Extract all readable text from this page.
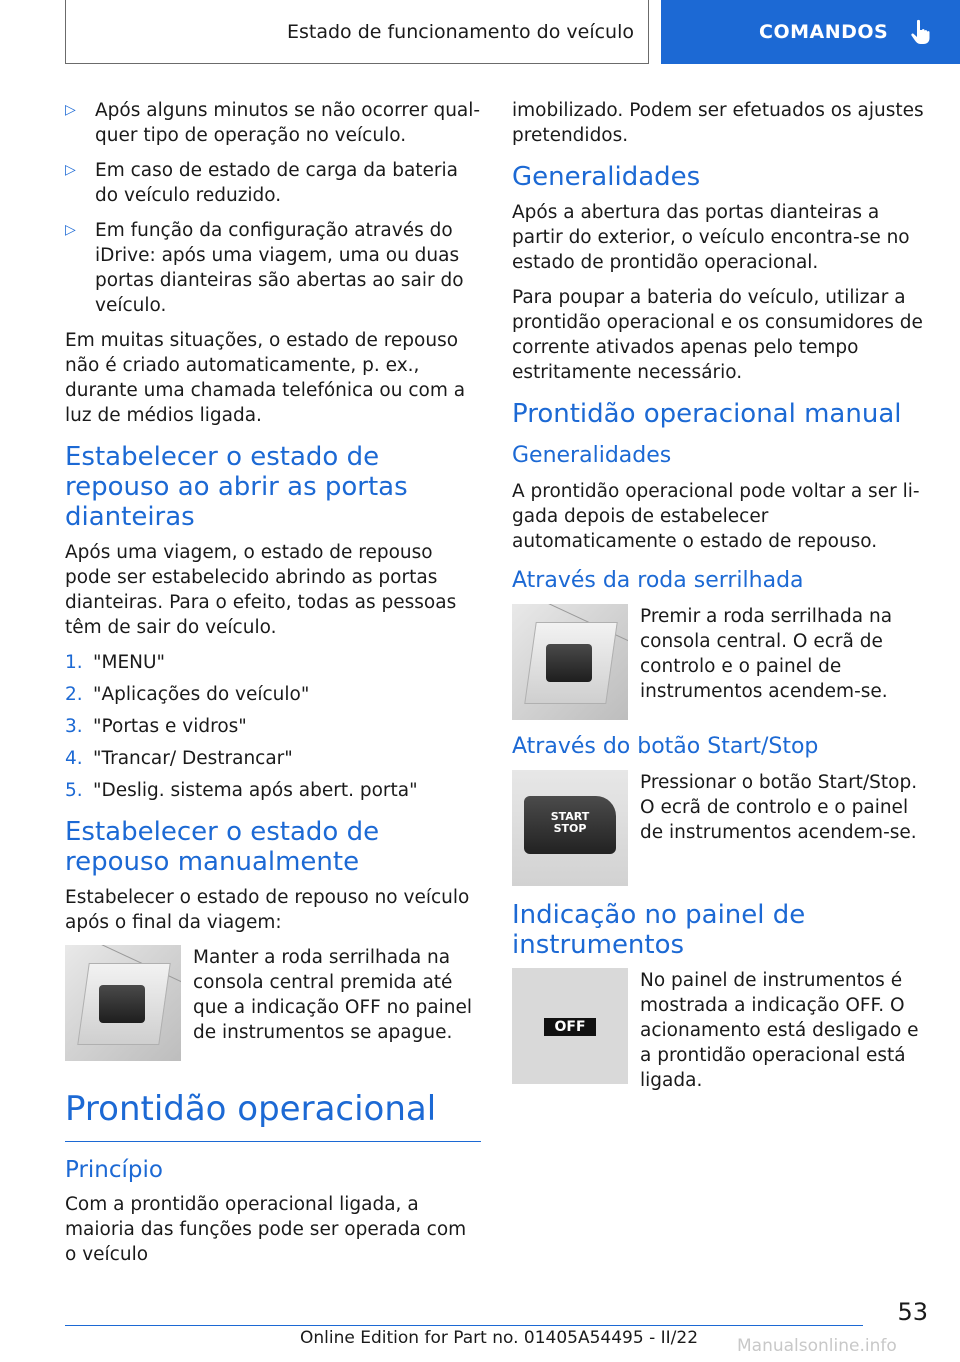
Estado de funcionamento do veículo	COMANDOS
▷ Após alguns minutos se não ocorrer qualquer tipo de operação no veículo.
▷ Em caso de estado de carga da bateria do veículo reduzido.
▷ Em função da configuração através do iDrive: após uma viagem, uma ou duas portas dianteiras são abertas ao sair do veículo.

Em muitas situações, o estado de repouso não é criado automaticamente, p. ex., durante uma chamada telefónica ou com a luz de médios ligada.

Estabelecer o estado de repouso ao abrir as portas dianteiras

Após uma viagem, o estado de repouso pode ser estabelecido abrindo as portas dianteiras. Para o efeito, todas as pessoas têm de sair do veículo.

1. "MENU"
2. "Aplicações do veículo"
3. "Portas e vidros"
4. "Trancar/ Destrancar"
5. "Deslig. sistema após abert. porta"
Estabelecer o estado de repouso manualmente

Estabelecer o estado de repouso no veículo após o final da viagem:

Manter a roda serrilhada na consola central premida até que a indicação OFF no painel de instrumentos se apague.

Prontidão operacional
Princípio

Com a prontidão operacional ligada, a maioria das funções pode ser operada com o veículo

imobilizado. Podem ser efetuados os ajustes pretendidos.

Generalidades

Após a abertura das portas dianteiras a partir do exterior, o veículo encontra-se no estado de prontidão operacional.

Para poupar a bateria do veículo, utilizar a prontidão operacional e os consumidores de corrente ativados apenas pelo tempo estritamente necessário.

Prontidão operacional manual
Generalidades

A prontidão operacional pode voltar a ser ligada depois de estabelecer automaticamente o estado de repouso.

Através da roda serrilhada

Premir a roda serrilhada na consola central. O ecrã de controlo e o painel de instrumentos acendem-se.

Através do botão Start/Stop
START
STOP

Pressionar o botão Start/Stop. O ecrã de controlo e o painel de instrumentos acendem-se.

Indicação no painel de instrumentos
OFF

No painel de instrumentos é mostrada a indicação OFF. O acionamento está desligado e a prontidão operacional está ligada.

53
Online Edition for Part no. 01405A54495 - II/22 Manualsonline.info
